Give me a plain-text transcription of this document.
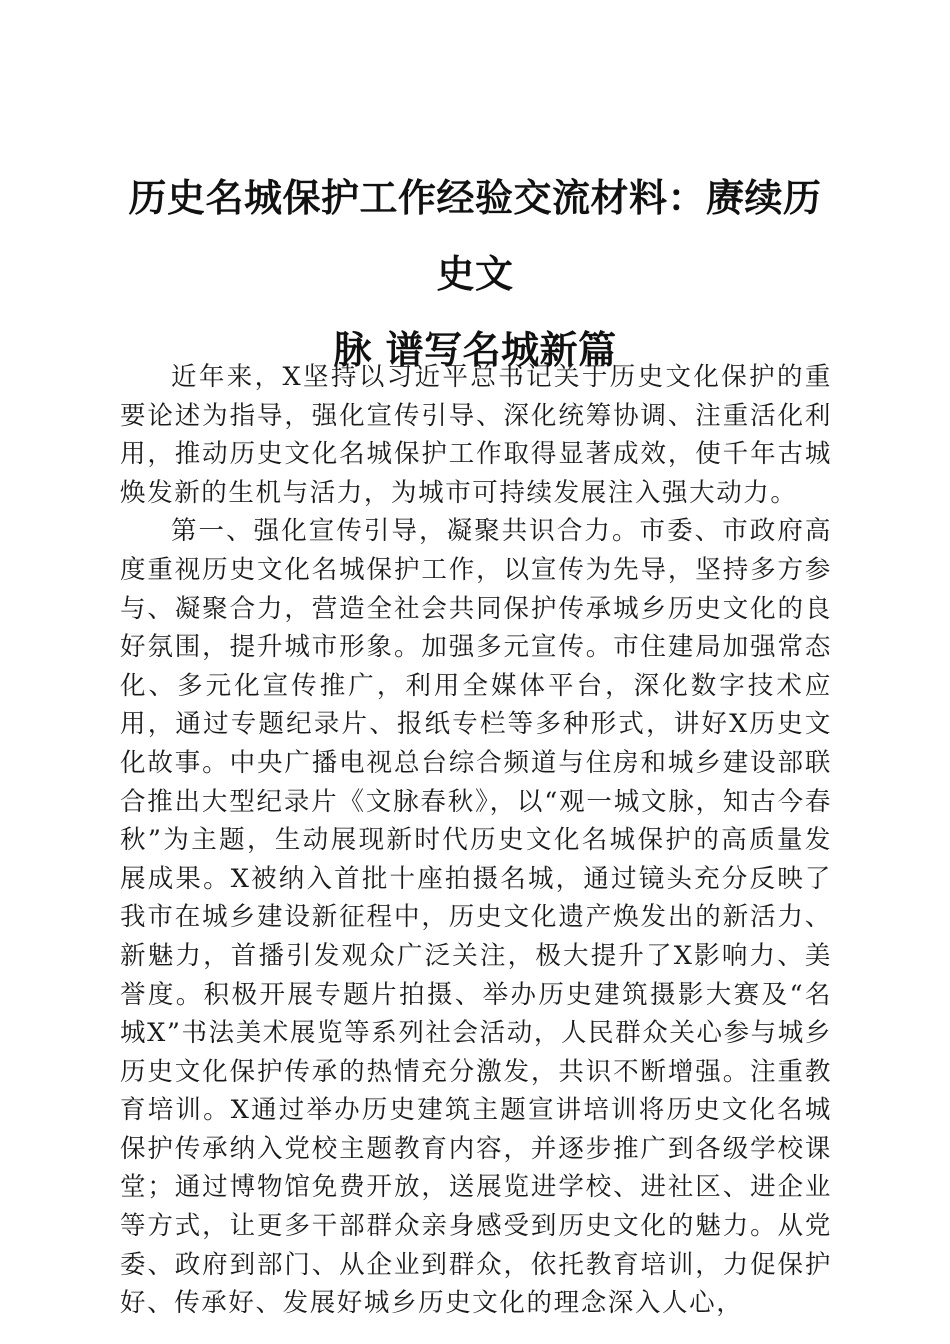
历史名城保护工作经验交流材料：赓续历史文
脉 谱写名城新篇

近年来，X坚持以习近平总书记关于历史文化保护的重要论述为指导，强化宣传引导、深化统筹协调、注重活化利用，推动历史文化名城保护工作取得显著成效，使千年古城焕发新的生机与活力，为城市可持续发展注入强大动力。

第一、强化宣传引导，凝聚共识合力。市委、市政府高度重视历史文化名城保护工作，以宣传为先导，坚持多方参与、凝聚合力，营造全社会共同保护传承城乡历史文化的良好氛围，提升城市形象。加强多元宣传。市住建局加强常态化、多元化宣传推广，利用全媒体平台，深化数字技术应用，通过专题纪录片、报纸专栏等多种形式，讲好X历史文化故事。中央广播电视总台综合频道与住房和城乡建设部联合推出大型纪录片《文脉春秋》，以“观一城文脉，知古今春秋”为主题，生动展现新时代历史文化名城保护的高质量发展成果。X被纳入首批十座拍摄名城，通过镜头充分反映了我市在城乡建设新征程中，历史文化遗产焕发出的新活力、新魅力，首播引发观众广泛关注，极大提升了X影响力、美誉度。积极开展专题片拍摄、举办历史建筑摄影大赛及“名城X”书法美术展览等系列社会活动，人民群众关心参与城乡历史文化保护传承的热情充分激发，共识不断增强。注重教育培训。X通过举办历史建筑主题宣讲培训将历史文化名城保护传承纳入党校主题教育内容，并逐步推广到各级学校课堂；通过博物馆免费开放，送展览进学校、进社区、进企业等方式，让更多干部群众亲身感受到历史文化的魅力。从党委、政府到部门、从企业到群众，依托教育培训，力促保护好、传承好、发展好城乡历史文化的理念深入人心，
